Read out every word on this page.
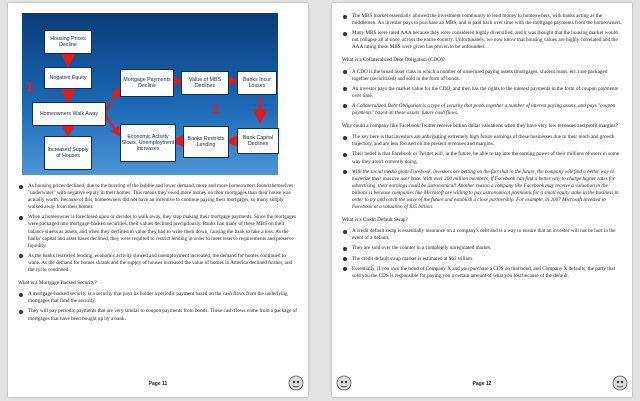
···
Housing Prices Decline
Negative Equity
Homeowners Walk Away
Increased Supply of Houses
Mortgage Payments Decline
Value of MBS Declines
Banks Incur Losses
Bank Capital Declines
Banks Restricts Lending
Economic Activity Slows, Unemployment Increases
1
2
As housing prices declined, due to the bursting of the bubble and lower demand, more and more homeowners found themselves "underwater" with negative equity in their homes. This means they owed more money on their mortgages than their house was actually worth. Because of this, homeowners did not have an incentive to continue paying their mortgages, so many simply walked away from their homes.
When a homeowner is foreclosed upon or decides to walk away, they stop making their mortgage payments. Since the mortgages were packaged into mortgage-backed securities, their values declined precipitously. Banks had many of these MBS on their balance sheets as assets, and when they declined in value they had to write them down, causing the bank to take a loss. As the banks' capital and asset bases declined, they were required to restrict lending in order to meet reserve requirements and preserve liquidity.
As the banks restricted lending, economic activity slowed and unemployment increased, the demand for homes continued to wane. As the demand for homes shrank and the supply of houses increased the value of homes in America declined further, and the cycle continued.
What is a Mortgage Backed Security?
A mortgage-backed security is a security that pays its holder a periodic payment based on the cash flows from the underlying mortgages that fund the security.
They will pay periodic payments that are very similar to coupon payments from bonds. These cash flows come from a package of mortgages that have been bought up by a bank.
Page 11
···
The MBS market essentially allowed the investment community to lend money to homeowners, with banks acting as the middlemen. An investor pays to purchase an MBS, and is paid back over time with the mortgage payments from the homeowners.
Many MBS were rated AAA because they were considered highly diversified, and it was thought that the housing market would not collapse all at once, across the entire country. Unfortunately, we now know that housing values are highly correlated and the AAA rating these MBS were given has proven to be unfounded.
What is a Collateralized Debt Obligation (CDO)?
A CDO is the broad asset class in which a number of unsecured paying assets (mortgages, student loans, etc.) are packaged together (securitized) and sold in the form of bonds.
An investor pays the market value for the CDO, and then has the rights to the interest payments in the form of coupon payments over time.
A Collateralized Debt Obligation is a type of security that pools together a number of interest paying assets, and pays "coupon payments" based on these assets' future cash flows.
Why could a company like Facebook/Twitter receive billion dollar valuations when they have very low revenues and profit margins?
The key here is that investors are anticipating extremely high future earnings of these businesses due to their reach and growth trajectory, and are less focused on the present revenues and margins.
Their belief is that Facebook or Twitter will, in the future, be able to tap into the earning power of their millions of users in some way they aren't currently doing.
With the social media giant Facebook, investors are betting on the fact that in the future, the company will find a better way to monetize their massive user base. With over 200 million members, if Facebook can find a better way to charge higher rates for advertising, their earnings could be astronomical! Another reason a company like Facebook may receive a valuation in the billions is because companies like Microsoft are willing to pay astronomical premiums for a small equity stake in the business in order to try and catch the wave of the future and establish a close partnership. For example, in 2007 Microsoft invested in Facebook at a valuation of $15 billion.
What is a Credit Default Swap?
A credit default swap is essentially insurance on a company's debt and is a way to ensure that an investor will not be hurt in the event of a default.
They are sold over the counter in a completely unregulated market.
The credit default swap market is estimated at $62 trillion.
Essentially, if you own the bond of Company X and you purchase a CDS on that bond, and Company X defaults, the party that sold you the CDS is responsible for paying you a certain amount of what you lost because of the default.
Page 12
